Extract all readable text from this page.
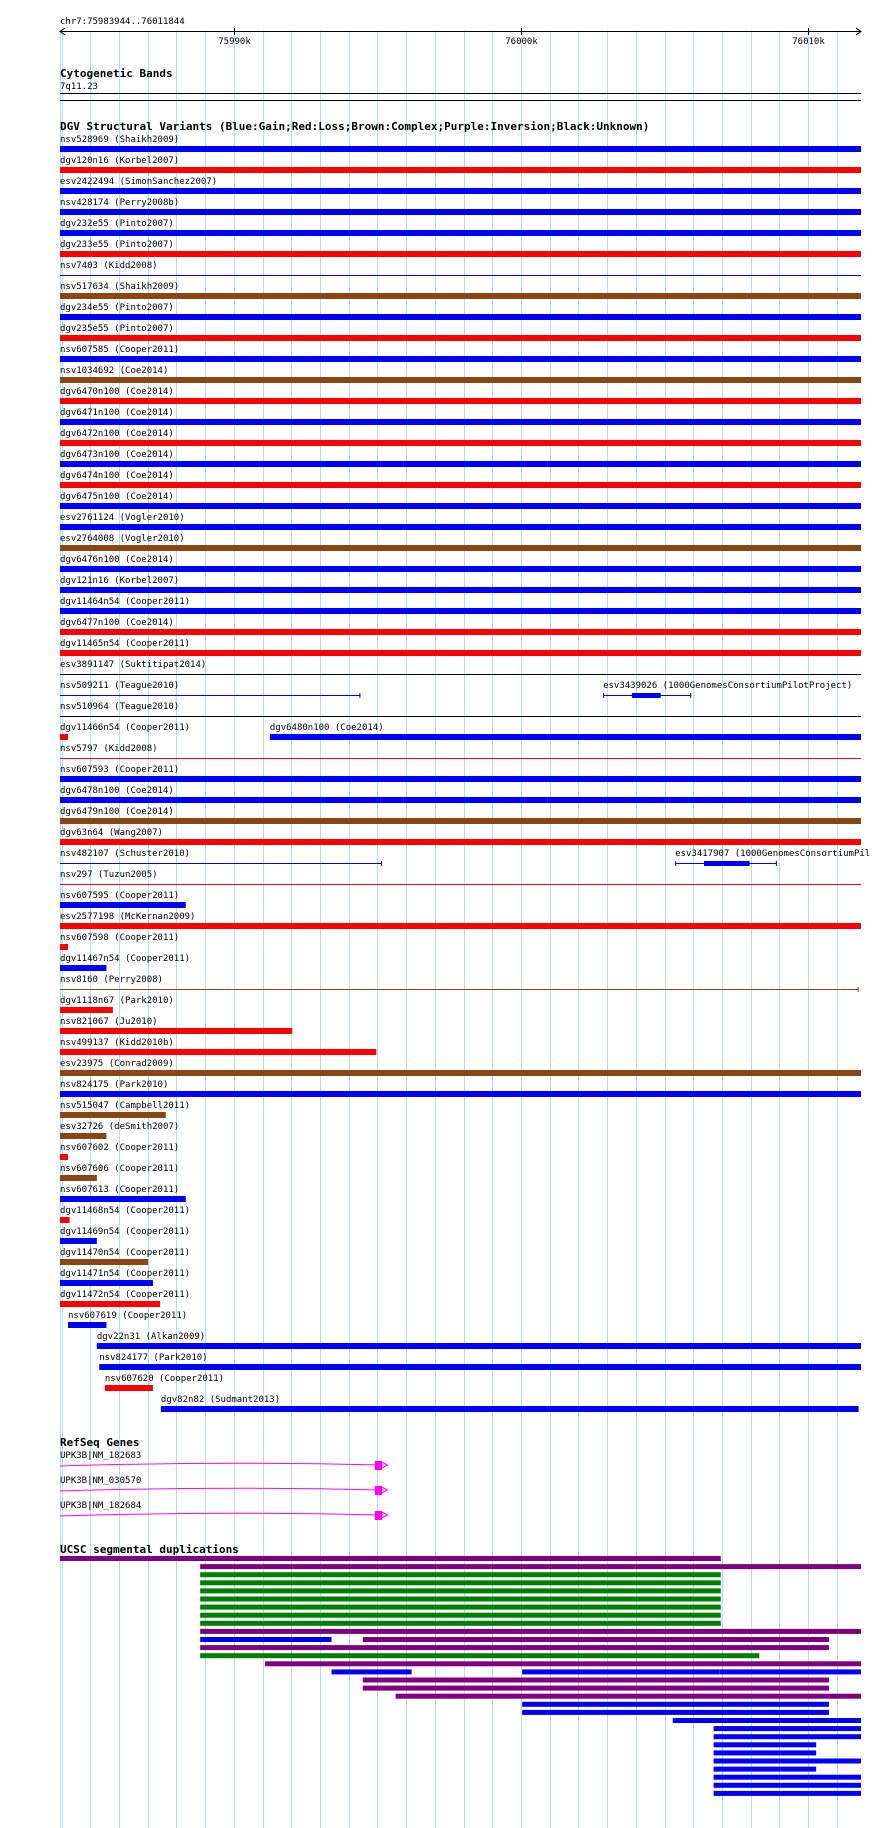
chr7:75983944..76011844
75990k	76000k	76010k
Cytogenetic Bands
7q11.23
DGV Structural Variants (Blue:Gain;Red:Loss;Brown:Complex;Purple:Inversion;Black:Unknown)
nsv528969 (Shaikh2009)
dgv120n16 (Korbel2007)
esv2422494 (SimonSanchez2007)
nsv428174 (Perry2008b)
dgv232e55 (Pinto2007)
dgv233e55 (Pinto2007)
nsv7403 (Kidd2008)
nsv517634 (Shaikh2009)
dgv234e55 (Pinto2007)
dgv235e55 (Pinto2007)
nsv607585 (Cooper2011)
nsv1034692 (Coe2014)
dgv6470n100 (Coe2014)
dgv6471n100 (Coe2014)
dgv6472n100 (Coe2014)
dgv6473n100 (Coe2014)
dgv6474n100 (Coe2014)
dgv6475n100 (Coe2014)
esv2761124 (Vogler2010)
esv2764008 (Vogler2010)
dgv6476n100 (Coe2014)
dgv121n16 (Korbel2007)
dgv11464n54 (Cooper2011)
dgv6477n100 (Coe2014)
dgv11465n54 (Cooper2011)
esv3891147 (Suktitipat2014)
nsv509211 (Teague2010)	esv3439026 (1000GenomesConsortiumPilotProject)
nsv510964 (Teague2010)
dgv11466n54 (Cooper2011)	dgv6480n100 (Coe2014)
nsv5797 (Kidd2008)
nsv607593 (Cooper2011)
dgv6478n100 (Coe2014)
dgv6479n100 (Coe2014)
dgv63n64 (Wang2007)
nsv482107 (Schuster2010)	esv3417907 (1000GenomesConsortiumPil
nsv297 (Tuzun2005)
nsv607595 (Cooper2011)
esv2577198 (McKernan2009)
nsv607598 (Cooper2011)
dgv11467n54 (Cooper2011)
nsv8160 (Perry2008)
dgv1118n67 (Park2010)
nsv821067 (Ju2010)
nsv499137 (Kidd2010b)
esv23975 (Conrad2009)
nsv824175 (Park2010)
nsv515047 (Campbell2011)
esv32726 (deSmith2007)
nsv607602 (Cooper2011)
nsv607606 (Cooper2011)
nsv607613 (Cooper2011)
dgv11468n54 (Cooper2011)
dgv11469n54 (Cooper2011)
dgv11470n54 (Cooper2011)
dgv11471n54 (Cooper2011)
dgv11472n54 (Cooper2011)
nsv607619 (Cooper2011)
dgv22n31 (Alkan2009)
nsv824177 (Park2010)
nsv607620 (Cooper2011)
dgv82n82 (Sudmant2013)
RefSeq Genes
UPK3B|NM_182683
UPK3B|NM_030570
UPK3B|NM_182684
UCSC segmental duplications
